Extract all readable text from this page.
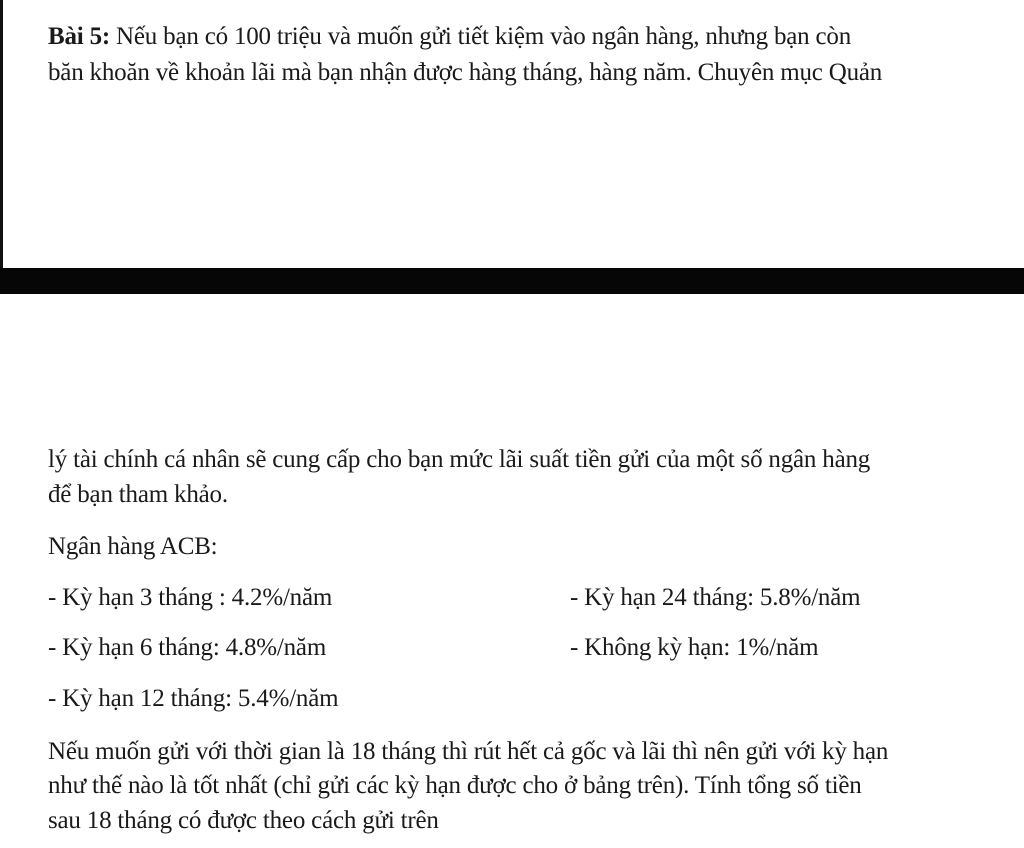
Bài 5: Nếu bạn có 100 triệu và muốn gửi tiết kiệm vào ngân hàng, nhưng bạn còn
băn khoăn về khoản lãi mà bạn nhận được hàng tháng, hàng năm. Chuyên mục Quản
lý tài chính cá nhân sẽ cung cấp cho bạn mức lãi suất tiền gửi của một số ngân hàng
để bạn tham khảo.
Ngân hàng ACB:
- Kỳ hạn 3 tháng : 4.2%/năm	- Kỳ hạn 24 tháng: 5.8%/năm
- Kỳ hạn 6 tháng: 4.8%/năm	- Không kỳ hạn: 1%/năm
- Kỳ hạn 12 tháng: 5.4%/năm
Nếu muốn gửi với thời gian là 18 tháng thì rút hết cả gốc và lãi thì nên gửi với kỳ hạn
như thế nào là tốt nhất (chỉ gửi các kỳ hạn được cho ở bảng trên). Tính tổng số tiền
sau 18 tháng có được theo cách gửi trên
